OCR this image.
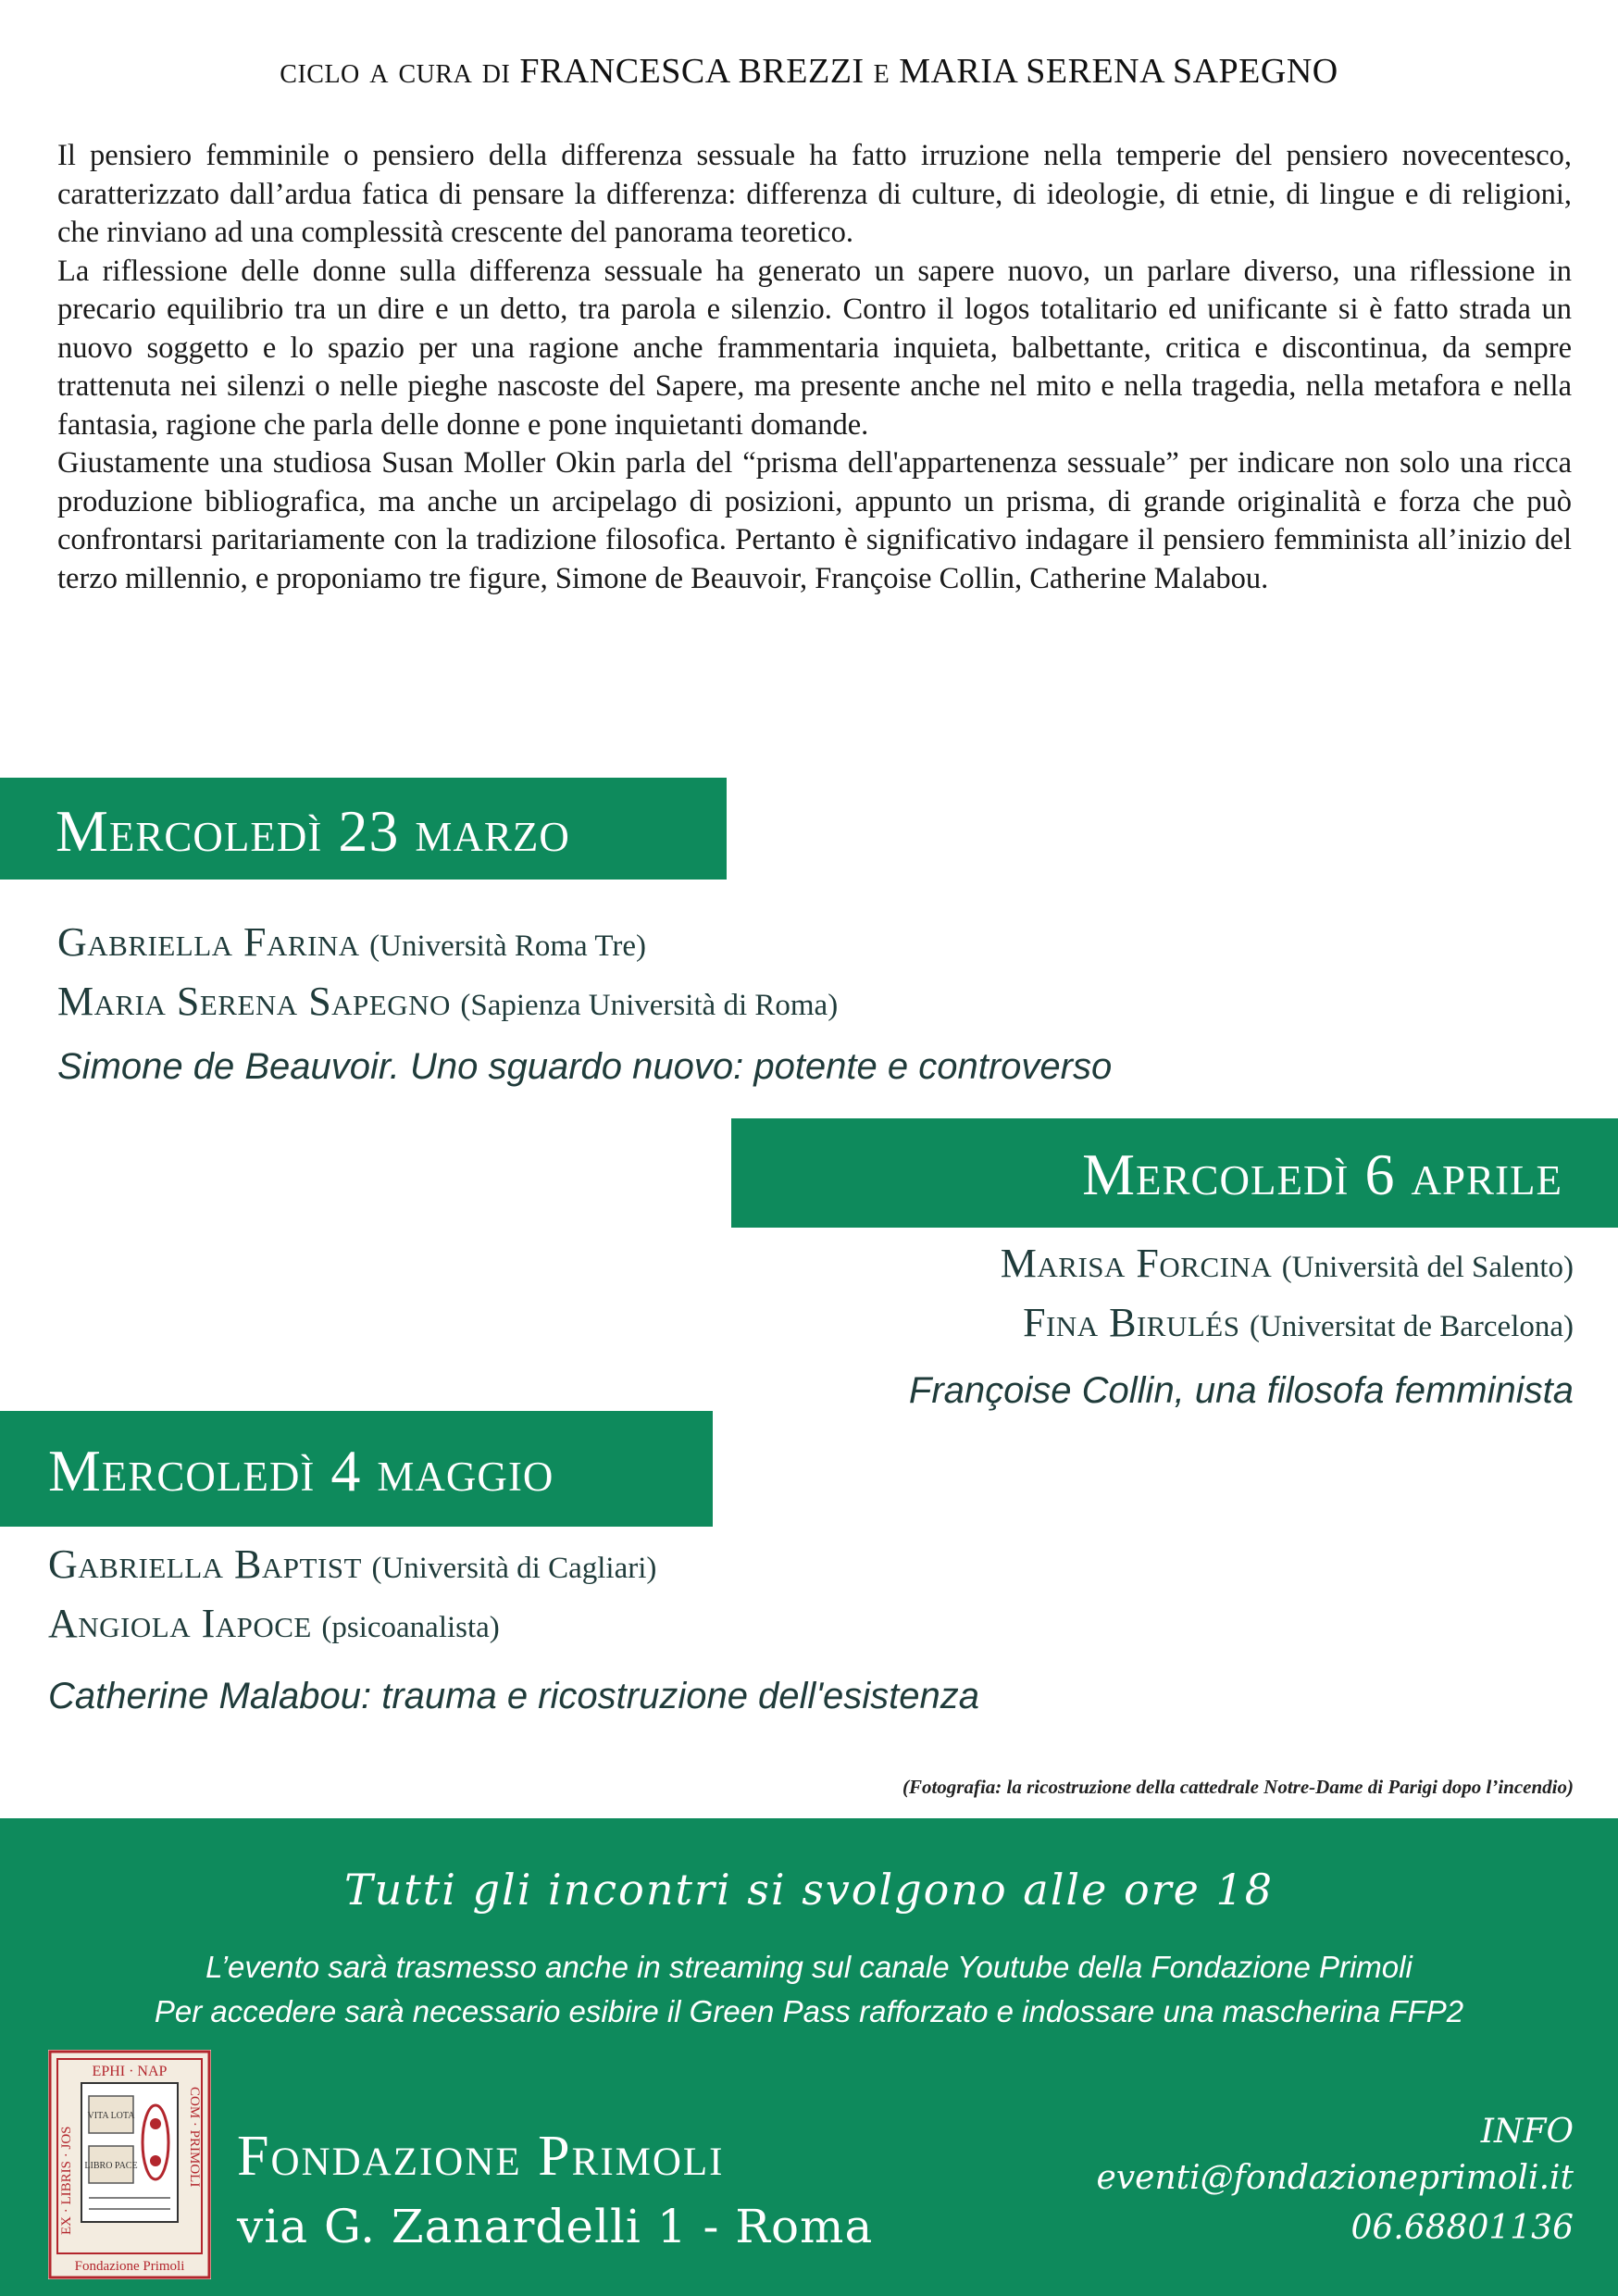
ciclo a cura di FRANCESCA BREZZI e MARIA SERENA SAPEGNO

Il pensiero femminile o pensiero della differenza sessuale ha fatto irruzione nella temperie del pensiero novecentesco, caratterizzato dall’ardua fatica di pensare la differenza: differenza di culture, di ideologie, di etnie, di lingue e di religioni, che rinviano ad una complessità crescente del panorama teoretico.

La riflessione delle donne sulla differenza sessuale ha generato un sapere nuovo, un parlare diverso, una riflessione in precario equilibrio tra un dire e un detto, tra parola e silenzio. Contro il logos totalitario ed unificante si è fatto strada un nuovo soggetto e lo spazio per una ragione anche frammentaria inquieta, balbettante, critica e discontinua, da sempre trattenuta nei silenzi o nelle pieghe nascoste del Sapere, ma presente anche nel mito e nella tragedia, nella metafora e nella fantasia, ragione che parla delle donne e pone inquietanti domande.

Giustamente una studiosa Susan Moller Okin parla del “prisma dell'appartenenza sessuale” per indicare non solo una ricca produzione bibliografica, ma anche un arcipelago di posizioni, appunto un prisma, di grande originalità e forza che può confrontarsi paritariamente con la tradizione filosofica. Pertanto è significativo indagare il pensiero femminista all’inizio del terzo millennio, e proponiamo tre figure, Simone de Beauvoir, Françoise Collin, Catherine Malabou.

Mercoledì 23 marzo
Gabriella Farina (Università Roma Tre)
Maria Serena Sapegno (Sapienza Università di Roma)
Simone de Beauvoir. Uno sguardo nuovo: potente e controverso
Mercoledì 6 aprile
Marisa Forcina (Università del Salento)
Fina Birulés (Universitat de Barcelona)
Françoise Collin, una filosofa femminista
Mercoledì 4 maggio
Gabriella Baptist (Università di Cagliari)
Angiola Iapoce (psicoanalista)
Catherine Malabou: trauma e ricostruzione dell'esistenza
(Fotografia: la ricostruzione della cattedrale Notre-Dame di Parigi dopo l’incendio)
Tutti gli incontri si svolgono alle ore 18
L’evento sarà trasmesso anche in streaming sul canale Youtube della Fondazione Primoli
Per accedere sarà necessario esibire il Green Pass rafforzato e indossare una mascherina FFP2
EPHI · NAP
EX · LIBRIS · JOS	COM · PRIMOLI
VITA LOTA
LIBRO PACE
Fondazione Primoli
Fondazione Primoli
via G. Zanardelli 1 - Roma
INFO
eventi@fondazioneprimoli.it
06.68801136
